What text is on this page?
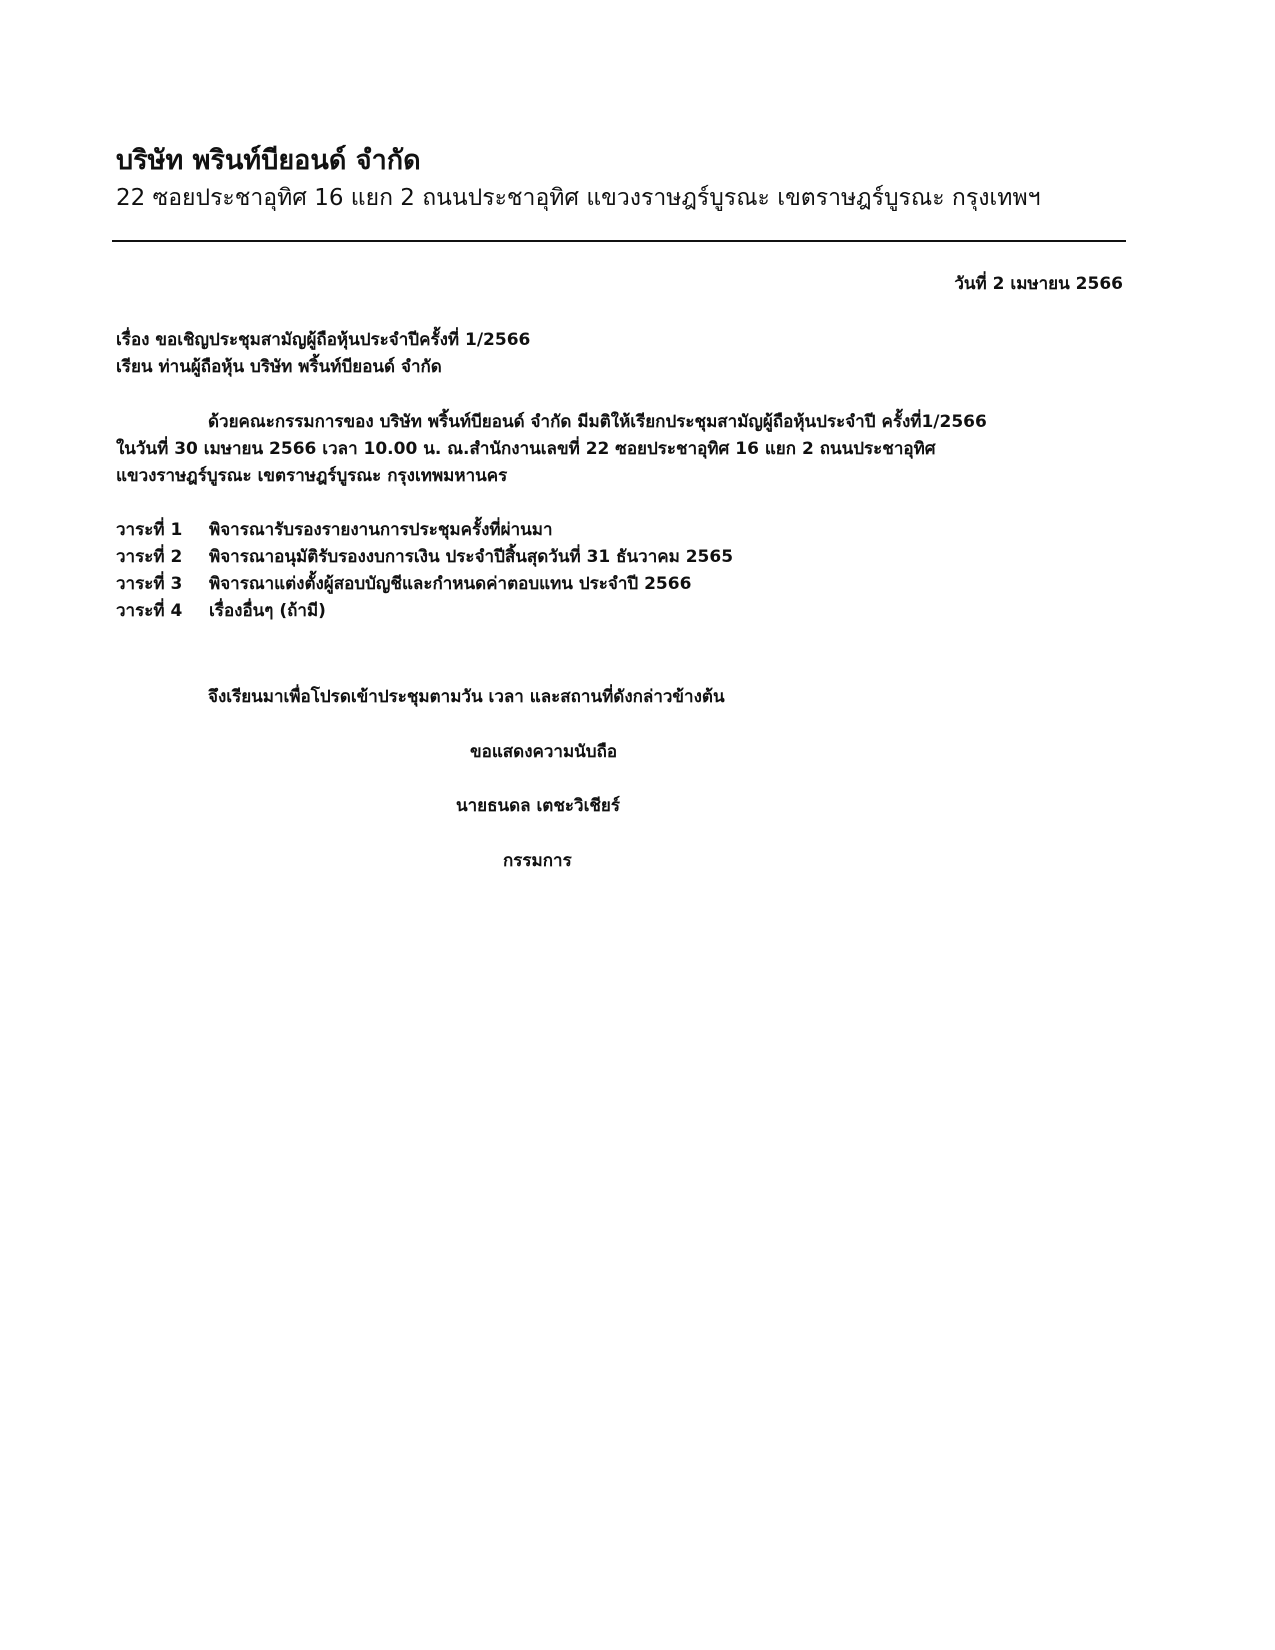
บริษัท พรินท์บียอนด์ จำกัด
22 ซอยประชาอุทิศ 16 แยก 2 ถนนประชาอุทิศ แขวงราษฎร์บูรณะ เขตราษฎร์บูรณะ กรุงเทพฯ
วันที่ 2 เมษายน 2566
เรื่อง ขอเชิญประชุมสามัญผู้ถือหุ้นประจำปีครั้งที่ 1/2566
เรียน ท่านผู้ถือหุ้น บริษัท พริ้นท์บียอนด์ จำกัด
ด้วยคณะกรรมการของ บริษัท พริ้นท์บียอนด์ จำกัด มีมติให้เรียกประชุมสามัญผู้ถือหุ้นประจำปี ครั้งที่1/2566
ในวันที่ 30 เมษายน 2566 เวลา 10.00 น. ณ.สำนักงานเลขที่ 22 ซอยประชาอุทิศ 16 แยก 2 ถนนประชาอุทิศ
แขวงราษฎร์บูรณะ เขตราษฎร์บูรณะ กรุงเทพมหานคร
วาระที่ 1 พิจารณารับรองรายงานการประชุมครั้งที่ผ่านมา
วาระที่ 2 พิจารณาอนุมัติรับรองงบการเงิน ประจำปีสิ้นสุดวันที่ 31 ธันวาคม 2565
วาระที่ 3 พิจารณาแต่งตั้งผู้สอบบัญชีและกำหนดค่าตอบแทน ประจำปี 2566
วาระที่ 4 เรื่องอื่นๆ (ถ้ามี)
จึงเรียนมาเพื่อโปรดเข้าประชุมตามวัน เวลา และสถานที่ดังกล่าวข้างต้น
ขอแสดงความนับถือ
นายธนดล เตชะวิเชียร์
กรรมการ
